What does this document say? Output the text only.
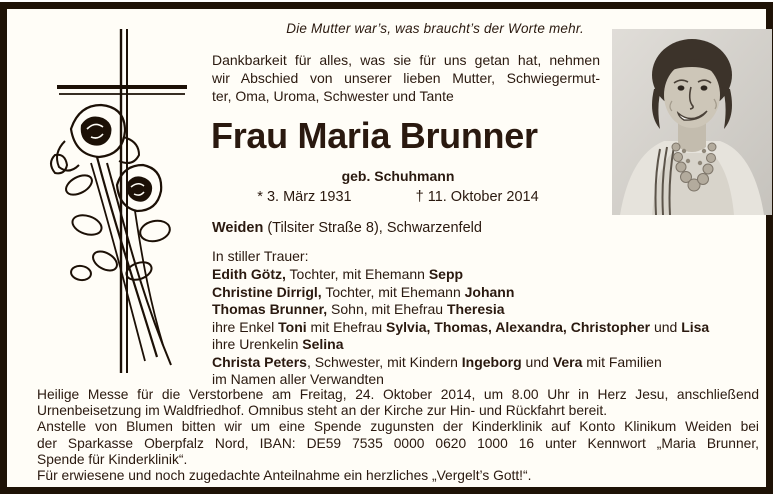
Die Mutter war’s, was braucht’s der Worte mehr.
Dankbarkeit für alles, was sie für uns getan hat, nehmen
wir Abschied von unserer lieben Mutter, Schwiegermut-
ter, Oma, Uroma, Schwester und Tante
Frau Maria Brunner
geb. Schuhmann
* 3. März 1931	† 11. Oktober 2014
Weiden (Tilsiter Straße 8), Schwarzenfeld
In stiller Trauer:
Edith Götz, Tochter, mit Ehemann Sepp
Christine Dirrigl, Tochter, mit Ehemann Johann
Thomas Brunner, Sohn, mit Ehefrau Theresia
ihre Enkel Toni mit Ehefrau Sylvia, Thomas, Alexandra, Christopher und Lisa
ihre Urenkelin Selina
Christa Peters, Schwester, mit Kindern Ingeborg und Vera mit Familien
im Namen aller Verwandten

Heilige Messe für die Verstorbene am Freitag, 24. Oktober 2014, um 8.00 Uhr in Herz Jesu, anschließend

Urnenbeisetzung im Waldfriedhof. Omnibus steht an der Kirche zur Hin- und Rückfahrt bereit.

Anstelle von Blumen bitten wir um eine Spende zugunsten der Kinderklinik auf Konto Klinikum Weiden bei

der Sparkasse Oberpfalz Nord, IBAN: DE59 7535 0000 0620 1000 16 unter Kennwort „Maria Brunner,

Spende für Kinderklinik“.

Für erwiesene und noch zugedachte Anteilnahme ein herzliches „Vergelt’s Gott!“.
